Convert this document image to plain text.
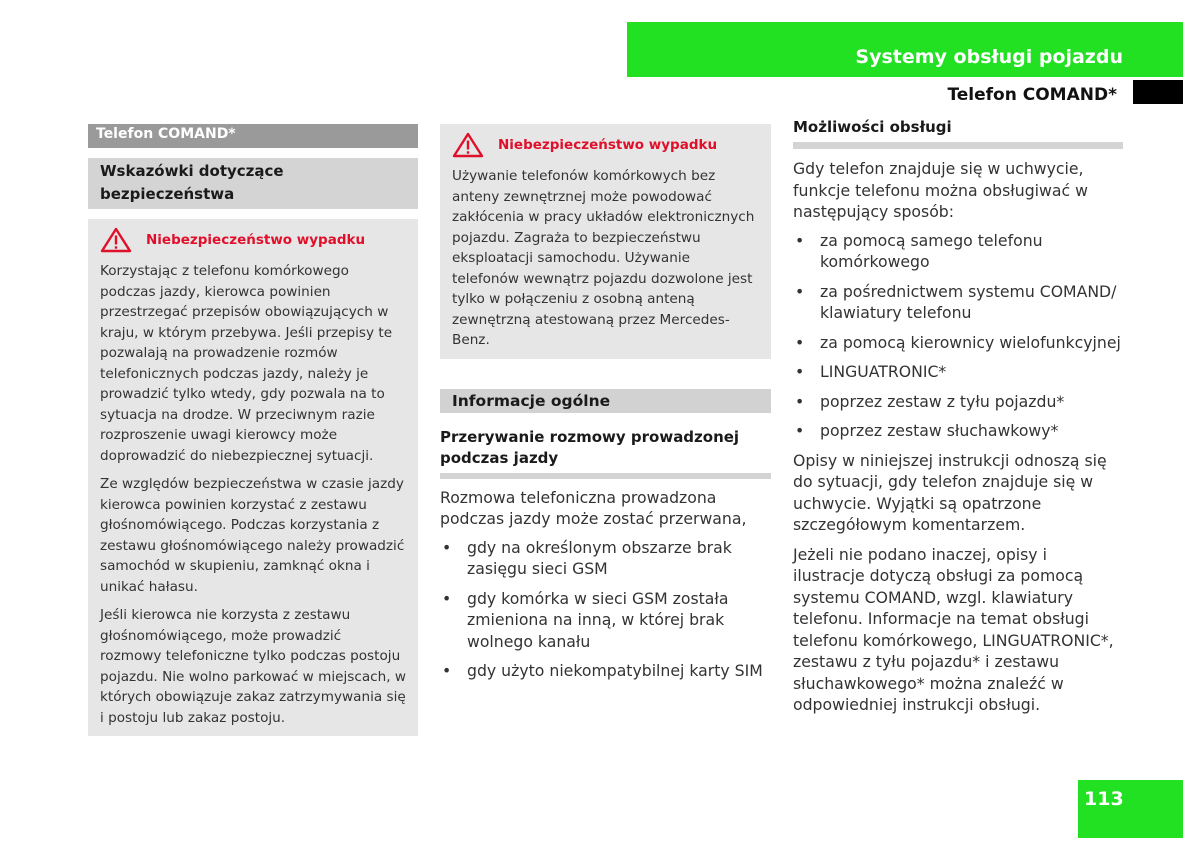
Systemy obsługi pojazdu
Telefon COMAND*
Telefon COMAND*
Wskazówki dotyczące bezpieczeństwa
Niebezpieczeństwo wypadku

Korzystając z telefonu komórkowego podczas jazdy, kierowca powinien przestrzegać przepisów obowiązujących w kraju, w którym przebywa. Jeśli przepisy te pozwalają na prowadzenie rozmów telefonicznych podczas jazdy, należy je prowadzić tylko wtedy, gdy pozwala na to sytuacja na drodze. W przeciwnym razie rozproszenie uwagi kierowcy może doprowadzić do niebezpiecznej sytuacji.

Ze względów bezpieczeństwa w czasie jazdy kierowca powinien korzystać z zestawu głośnomówiącego. Podczas korzystania z zestawu głośnomówiącego należy prowadzić samochód w skupieniu, zamknąć okna i unikać hałasu.

Jeśli kierowca nie korzysta z zestawu głośnomówiącego, może prowadzić rozmowy telefoniczne tylko podczas postoju pojazdu. Nie wolno parkować w miejscach, w których obowiązuje zakaz zatrzymywania się i postoju lub zakaz postoju.

Niebezpieczeństwo wypadku

Używanie telefonów komórkowych bez anteny zewnętrznej może powodować zakłócenia w pracy układów elektronicznych pojazdu. Zagraża to bezpieczeństwu eksploatacji samochodu. Używanie telefonów wewnątrz pojazdu dozwolone jest tylko w połączeniu z osobną anteną zewnętrzną atestowaną przez Mercedes-Benz.

Informacje ogólne
Przerywanie rozmowy prowadzonej podczas jazdy

Rozmowa telefoniczna prowadzona podczas jazdy może zostać przerwana,

• gdy na określonym obszarze brak zasięgu sieci GSM
• gdy komórka w sieci GSM została zmieniona na inną, w której brak wolnego kanału
• gdy użyto niekompatybilnej karty SIM
Możliwości obsługi

Gdy telefon znajduje się w uchwycie, funkcje telefonu można obsługiwać w następujący sposób:

• za pomocą samego telefonu komórkowego
• za pośrednictwem systemu COMAND/ klawiatury telefonu
• za pomocą kierownicy wielofunkcyjnej
• LINGUATRONIC*
• poprzez zestaw z tyłu pojazdu*
• poprzez zestaw słuchawkowy*

Opisy w niniejszej instrukcji odnoszą się do sytuacji, gdy telefon znajduje się w uchwycie. Wyjątki są opatrzone szczegółowym komentarzem.

Jeżeli nie podano inaczej, opisy i ilustracje dotyczą obsługi za pomocą systemu COMAND, wzgl. klawiatury telefonu. Informacje na temat obsługi telefonu komórkowego, LINGUATRONIC*, zestawu z tyłu pojazdu* i zestawu słuchawkowego* można znaleźć w odpowiedniej instrukcji obsługi.

113
